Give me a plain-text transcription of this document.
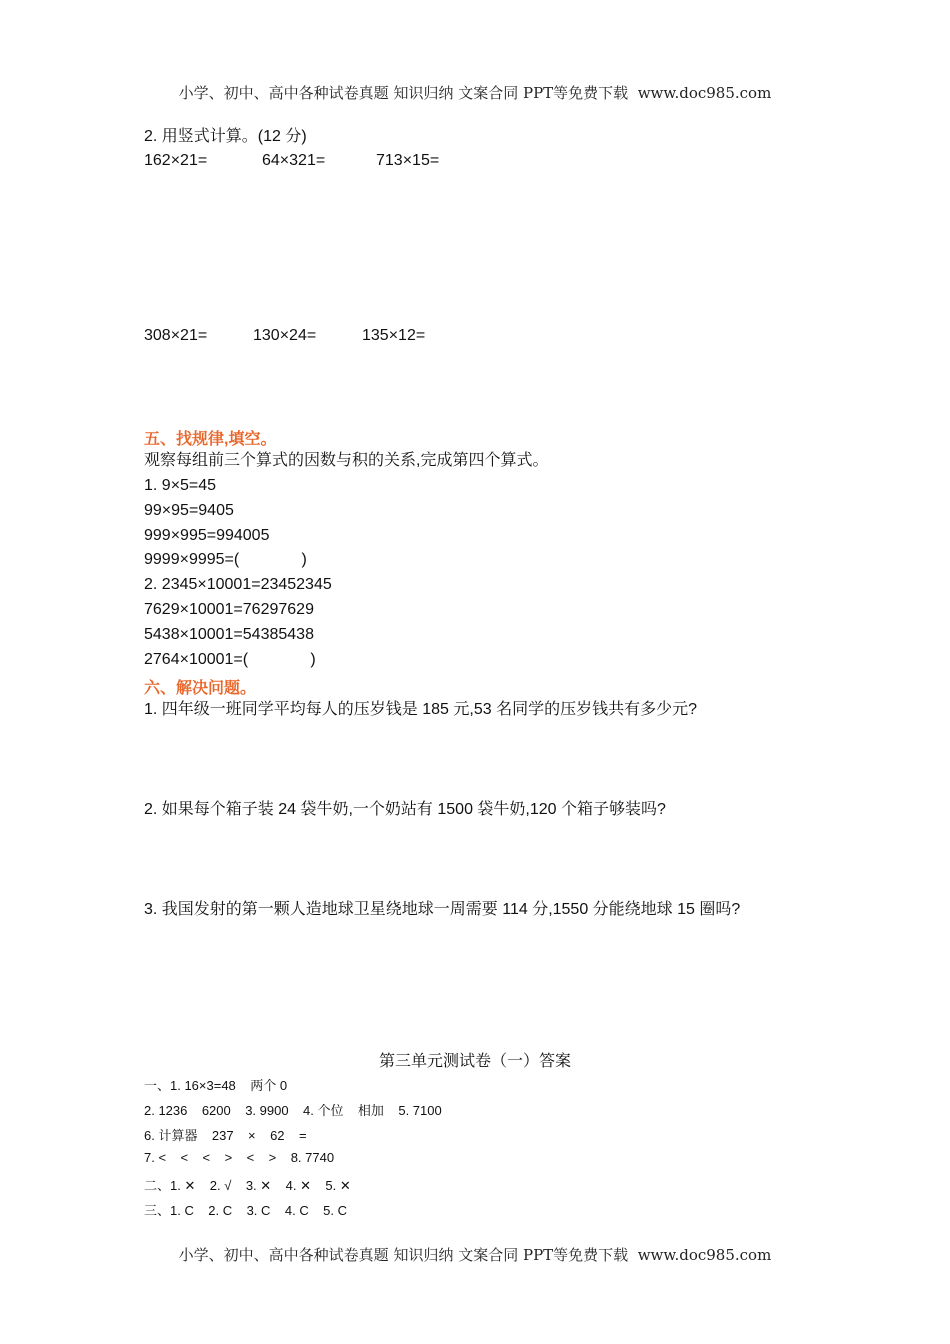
小学、初中、高中各种试卷真题 知识归纳 文案合同 PPT等免费下载  www.doc985.com
2. 用竖式计算。(12 分)
162×21=	64×321=	713×15=
308×21=	130×24=	135×12=
五、找规律,填空。
观察每组前三个算式的因数与积的关系,完成第四个算式。
1. 9×5=45
99×95=9405
999×995=994005
9999×9995=(              )
2. 2345×10001=23452345
7629×10001=76297629
5438×10001=54385438
2764×10001=(              )
六、解决问题。
1. 四年级一班同学平均每人的压岁钱是 185 元,53 名同学的压岁钱共有多少元?
2. 如果每个箱子装 24 袋牛奶,一个奶站有 1500 袋牛奶,120 个箱子够装吗?
3. 我国发射的第一颗人造地球卫星绕地球一周需要 114 分,1550 分能绕地球 15 圈吗?
第三单元测试卷（一）答案
一、1. 16×3=48    两个 0
2. 1236    6200    3. 9900    4. 个位    相加    5. 7100
6. 计算器    237    ×    62    =
7. <    <    <    >    <    >    8. 7740
二、1. ✕    2. √    3. ✕    4. ✕    5. ✕
三、1. C    2. C    3. C    4. C    5. C
小学、初中、高中各种试卷真题 知识归纳 文案合同 PPT等免费下载  www.doc985.com
